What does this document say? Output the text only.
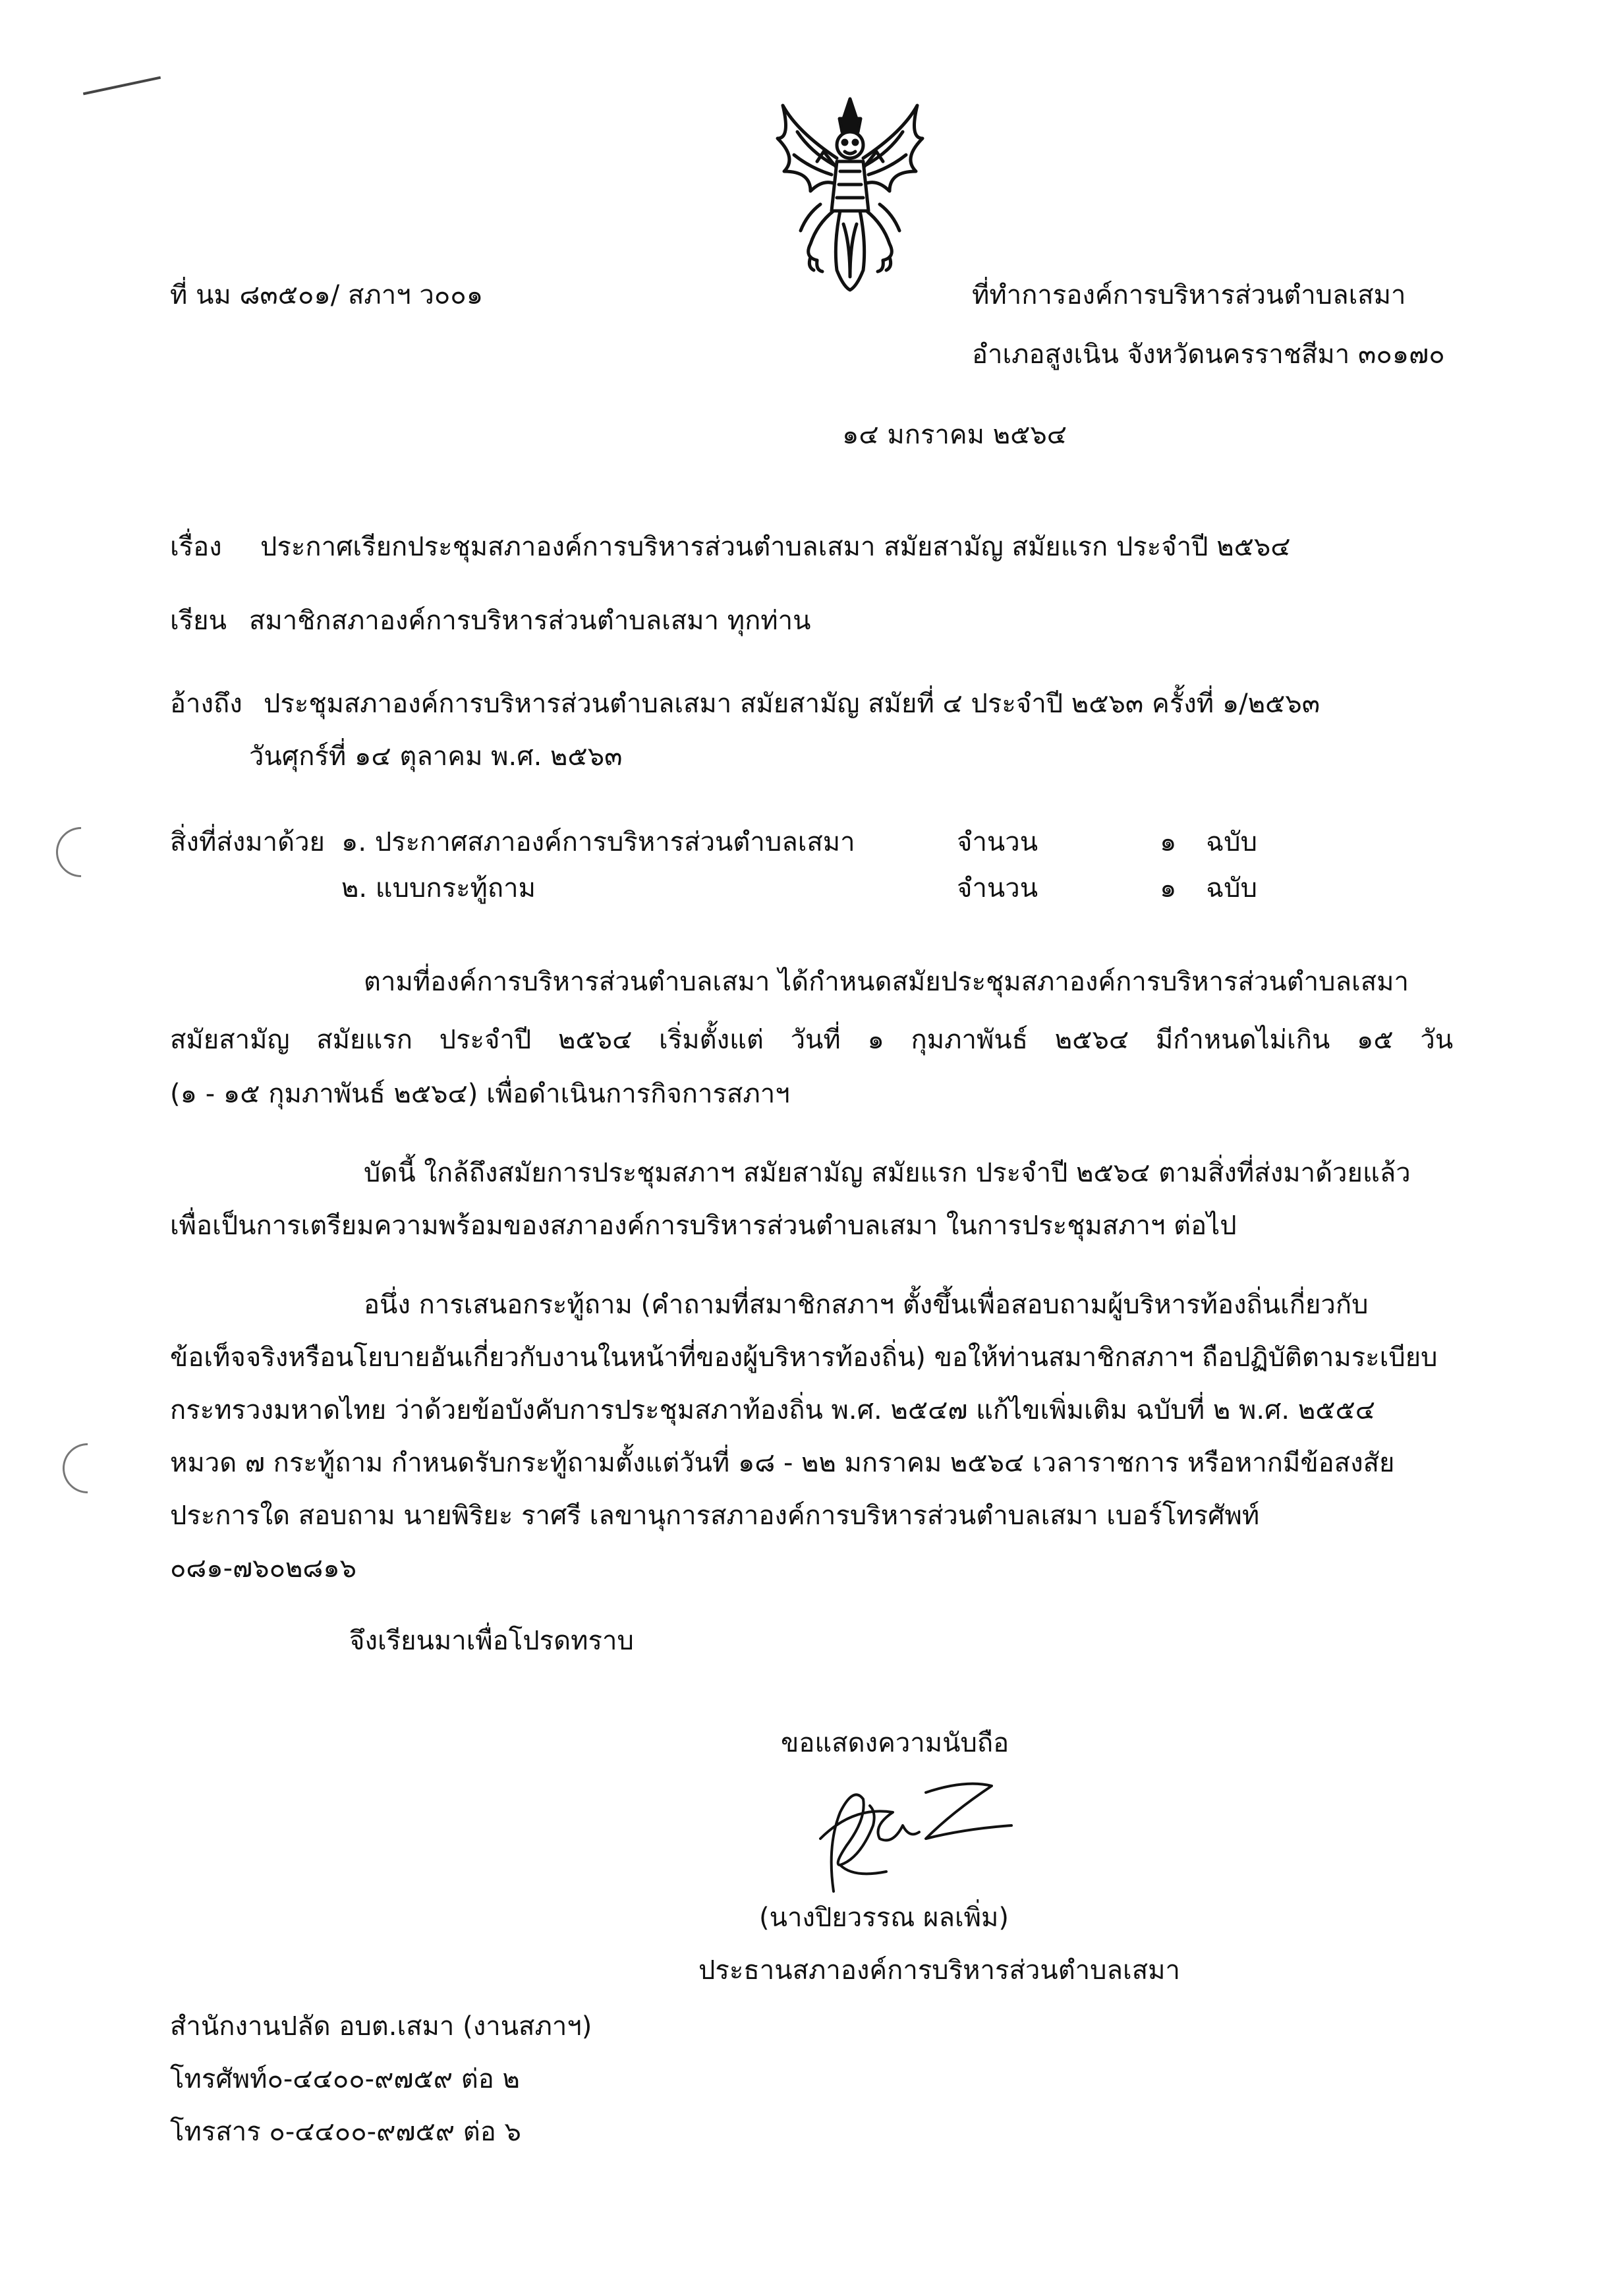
ที่ นม ๘๓๕๐๑/ สภาฯ ว๐๐๑	ที่ทำการองค์การบริหารส่วนตำบลเสมา
อำเภอสูงเนิน จังหวัดนครราชสีมา ๓๐๑๗๐
๑๔ มกราคม ๒๕๖๔
เรื่อง ประกาศเรียกประชุมสภาองค์การบริหารส่วนตำบลเสมา สมัยสามัญ สมัยแรก ประจำปี ๒๕๖๔
เรียน สมาชิกสภาองค์การบริหารส่วนตำบลเสมา ทุกท่าน
อ้างถึง ประชุมสภาองค์การบริหารส่วนตำบลเสมา สมัยสามัญ สมัยที่ ๔ ประจำปี ๒๕๖๓ ครั้งที่ ๑/๒๕๖๓
วันศุกร์ที่ ๑๔ ตุลาคม พ.ศ. ๒๕๖๓
สิ่งที่ส่งมาด้วย ๑. ประกาศสภาองค์การบริหารส่วนตำบลเสมา	จำนวน	๑ ฉบับ
๒. แบบกระทู้ถาม	จำนวน	๑ ฉบับ
ตามที่องค์การบริหารส่วนตำบลเสมา ได้กำหนดสมัยประชุมสภาองค์การบริหารส่วนตำบลเสมา
สมัยสามัญ สมัยแรก ประจำปี ๒๕๖๔ เริ่มตั้งแต่ วันที่ ๑ กุมภาพันธ์ ๒๕๖๔ มีกำหนดไม่เกิน ๑๕ วัน
(๑ - ๑๕ กุมภาพันธ์ ๒๕๖๔) เพื่อดำเนินการกิจการสภาฯ
บัดนี้ ใกล้ถึงสมัยการประชุมสภาฯ สมัยสามัญ สมัยแรก ประจำปี ๒๕๖๔ ตามสิ่งที่ส่งมาด้วยแล้ว
เพื่อเป็นการเตรียมความพร้อมของสภาองค์การบริหารส่วนตำบลเสมา ในการประชุมสภาฯ ต่อไป
อนึ่ง การเสนอกระทู้ถาม (คำถามที่สมาชิกสภาฯ ตั้งขึ้นเพื่อสอบถามผู้บริหารท้องถิ่นเกี่ยวกับ
ข้อเท็จจริงหรือนโยบายอันเกี่ยวกับงานในหน้าที่ของผู้บริหารท้องถิ่น) ขอให้ท่านสมาชิกสภาฯ ถือปฏิบัติตามระเบียบ
กระทรวงมหาดไทย ว่าด้วยข้อบังคับการประชุมสภาท้องถิ่น พ.ศ. ๒๕๔๗ แก้ไขเพิ่มเติม ฉบับที่ ๒ พ.ศ. ๒๕๕๔
หมวด ๗ กระทู้ถาม กำหนดรับกระทู้ถามตั้งแต่วันที่ ๑๘ - ๒๒ มกราคม ๒๕๖๔ เวลาราชการ หรือหากมีข้อสงสัย
ประการใด สอบถาม นายพิริยะ ราศรี เลขานุการสภาองค์การบริหารส่วนตำบลเสมา เบอร์โทรศัพท์
๐๘๑-๗๖๐๒๘๑๖
จึงเรียนมาเพื่อโปรดทราบ
ขอแสดงความนับถือ
(นางปิยวรรณ ผลเพิ่ม)
ประธานสภาองค์การบริหารส่วนตำบลเสมา
สำนักงานปลัด อบต.เสมา (งานสภาฯ)
โทรศัพท์๐-๔๔๐๐-๙๗๕๙ ต่อ ๒
โทรสาร ๐-๔๔๐๐-๙๗๕๙ ต่อ ๖
